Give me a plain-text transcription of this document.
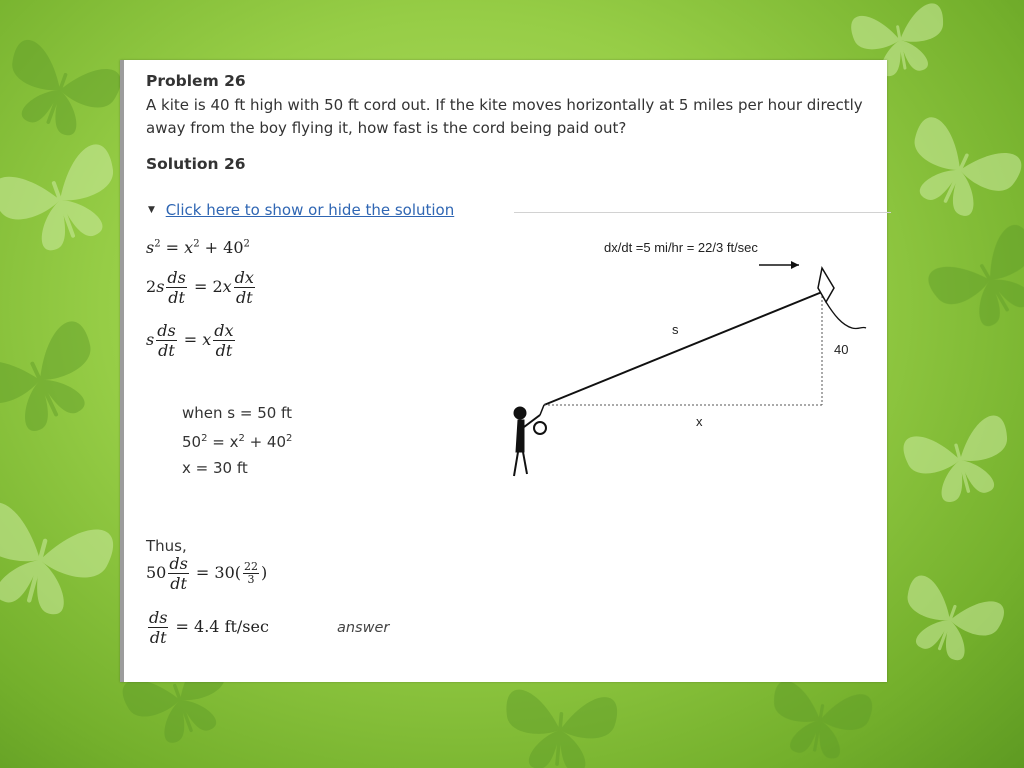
Problem 26
A kite is 40 ft high with 50 ft cord out. If the kite moves horizontally at 5 miles per hour directly away from the boy flying it, how fast is the cord being paid out?
Solution 26
▼ Click here to show or hide the solution
$s^2 = x^2 + 40^2$
$2s \frac{ds}{dt} = 2x \frac{dx}{dt}$
s $\frac{ds}{dt} = x \frac{dx}{dt}$
when s = 50 ft
$50^2 = x^2 + 40^2$
x = 30 ft
Thus,
$50 \frac{ds}{dt} = 30( \frac{22}{3}$ )
$\frac{ds}{dt} = 4.4$ ft/sec	answer
dx/dt =5 mi/hr = 22/3 ft/sec
s
40
x
